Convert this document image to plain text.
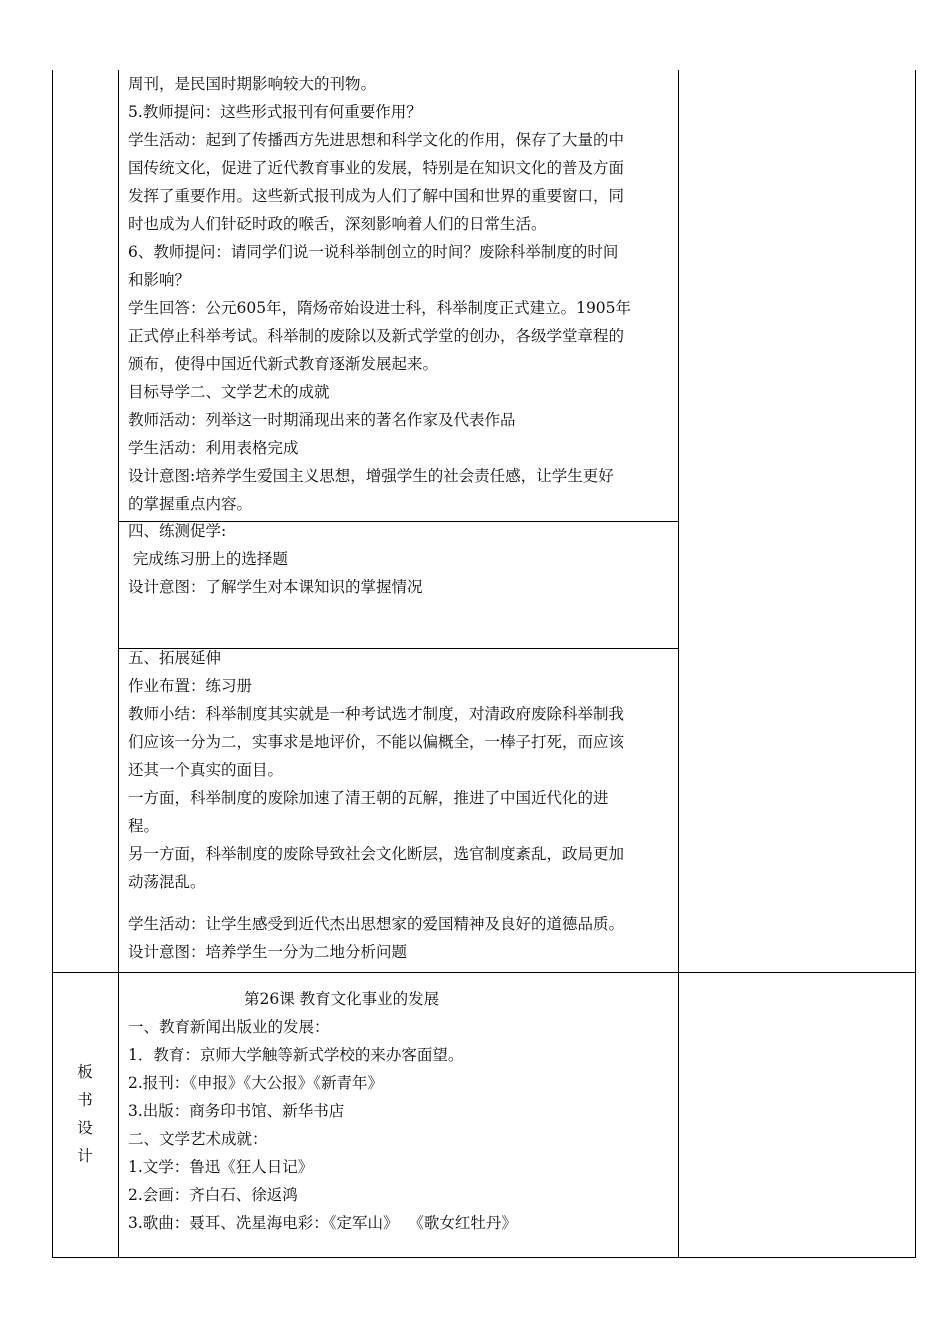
周刊，是民国时期影响较大的刊物。

5.教师提问：这些形式报刊有何重要作用？

学生活动：起到了传播西方先进思想和科学文化的作用，保存了大量的中

国传统文化，促进了近代教育事业的发展，特别是在知识文化的普及方面

发挥了重要作用。这些新式报刊成为人们了解中国和世界的重要窗口，同

时也成为人们针砭时政的喉舌，深刻影响着人们的日常生活。

6、教师提问：请同学们说一说科举制创立的时间？废除科举制度的时间

和影响？

学生回答：公元605年，隋炀帝始设进士科，科举制度正式建立。1905年

正式停止科举考试。科举制的废除以及新式学堂的创办，各级学堂章程的

颁布，使得中国近代新式教育逐渐发展起来。

目标导学二、文学艺术的成就

教师活动：列举这一时期涌现出来的著名作家及代表作品

学生活动：利用表格完成

设计意图:培养学生爱国主义思想，增强学生的社会责任感，让学生更好

的掌握重点内容。

四、练测促学:

完成练习册上的选择题

设计意图：了解学生对本课知识的掌握情况

五、拓展延伸

作业布置：练习册

教师小结：科举制度其实就是一种考试选才制度，对清政府废除科举制我

们应该一分为二，实事求是地评价，不能以偏概全，一棒子打死，而应该

还其一个真实的面目。

一方面，科举制度的废除加速了清王朝的瓦解，推进了中国近代化的进

程。

另一方面，科举制度的废除导致社会文化断层，选官制度紊乱，政局更加

动荡混乱。

学生活动：让学生感受到近代杰出思想家的爱国精神及良好的道德品质。

设计意图：培养学生一分为二地分析问题

板
书
设
计

第26课 教育文化事业的发展

一、教育新闻出版业的发展：

1．教育：京师大学触等新式学校的来办客面望。

2.报刊：《申报》《大公报》《新青年》

3.出版：商务印书馆、新华书店

二、文学艺术成就：

1.文学：鲁迅《狂人日记》

2.会画：齐白石、徐返鸿

3.歌曲：聂耳、冼星海电彩：《定军山》  《歌女红牡丹》
